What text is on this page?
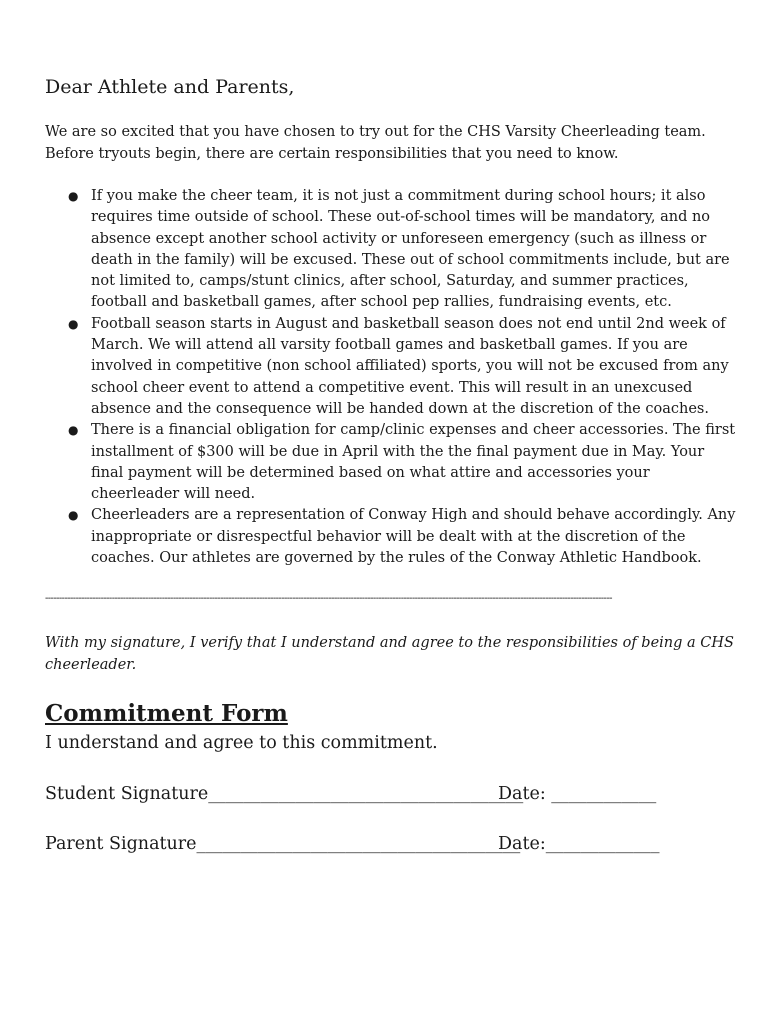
Dear Athlete and Parents,
We are so excited that you have chosen to try out for the CHS Varsity Cheerleading team.
Before tryouts begin, there are certain responsibilities that you need to know.
● If you make the cheer team, it is not just a commitment during school hours; it also
requires time outside of school. These out-of-school times will be mandatory, and no
absence except another school activity or unforeseen emergency (such as illness or
death in the family) will be excused. These out of school commitments include, but are
not limited to, camps/stunt clinics, after school, Saturday, and summer practices,
football and basketball games, after school pep rallies, fundraising events, etc.
● Football season starts in August and basketball season does not end until 2nd week of
March. We will attend all varsity football games and basketball games. If you are
involved in competitive (non school affiliated) sports, you will not be excused from any
school cheer event to attend a competitive event. This will result in an unexcused
absence and the consequence will be handed down at the discretion of the coaches.
● There is a financial obligation for camp/clinic expenses and cheer accessories. The first
installment of $300 will be due in April with the the final payment due in May. Your
final payment will be determined based on what attire and accessories your
cheerleader will need.
● Cheerleaders are a representation of Conway High and should behave accordingly. Any
inappropriate or disrespectful behavior will be dealt with at the discretion of the
coaches. Our athletes are governed by the rules of the Conway Athletic Handbook.
------------------------------------------------------------------------------------------------------------------------------------------------------------------------------------------------------------
With my signature, I verify that I understand and agree to the responsibilities of being a CHS
cheerleader.
Commitment Form
I understand and agree to this commitment.
Student Signature____________________________________
Date: ____________
Parent Signature_____________________________________
Date:_____________
